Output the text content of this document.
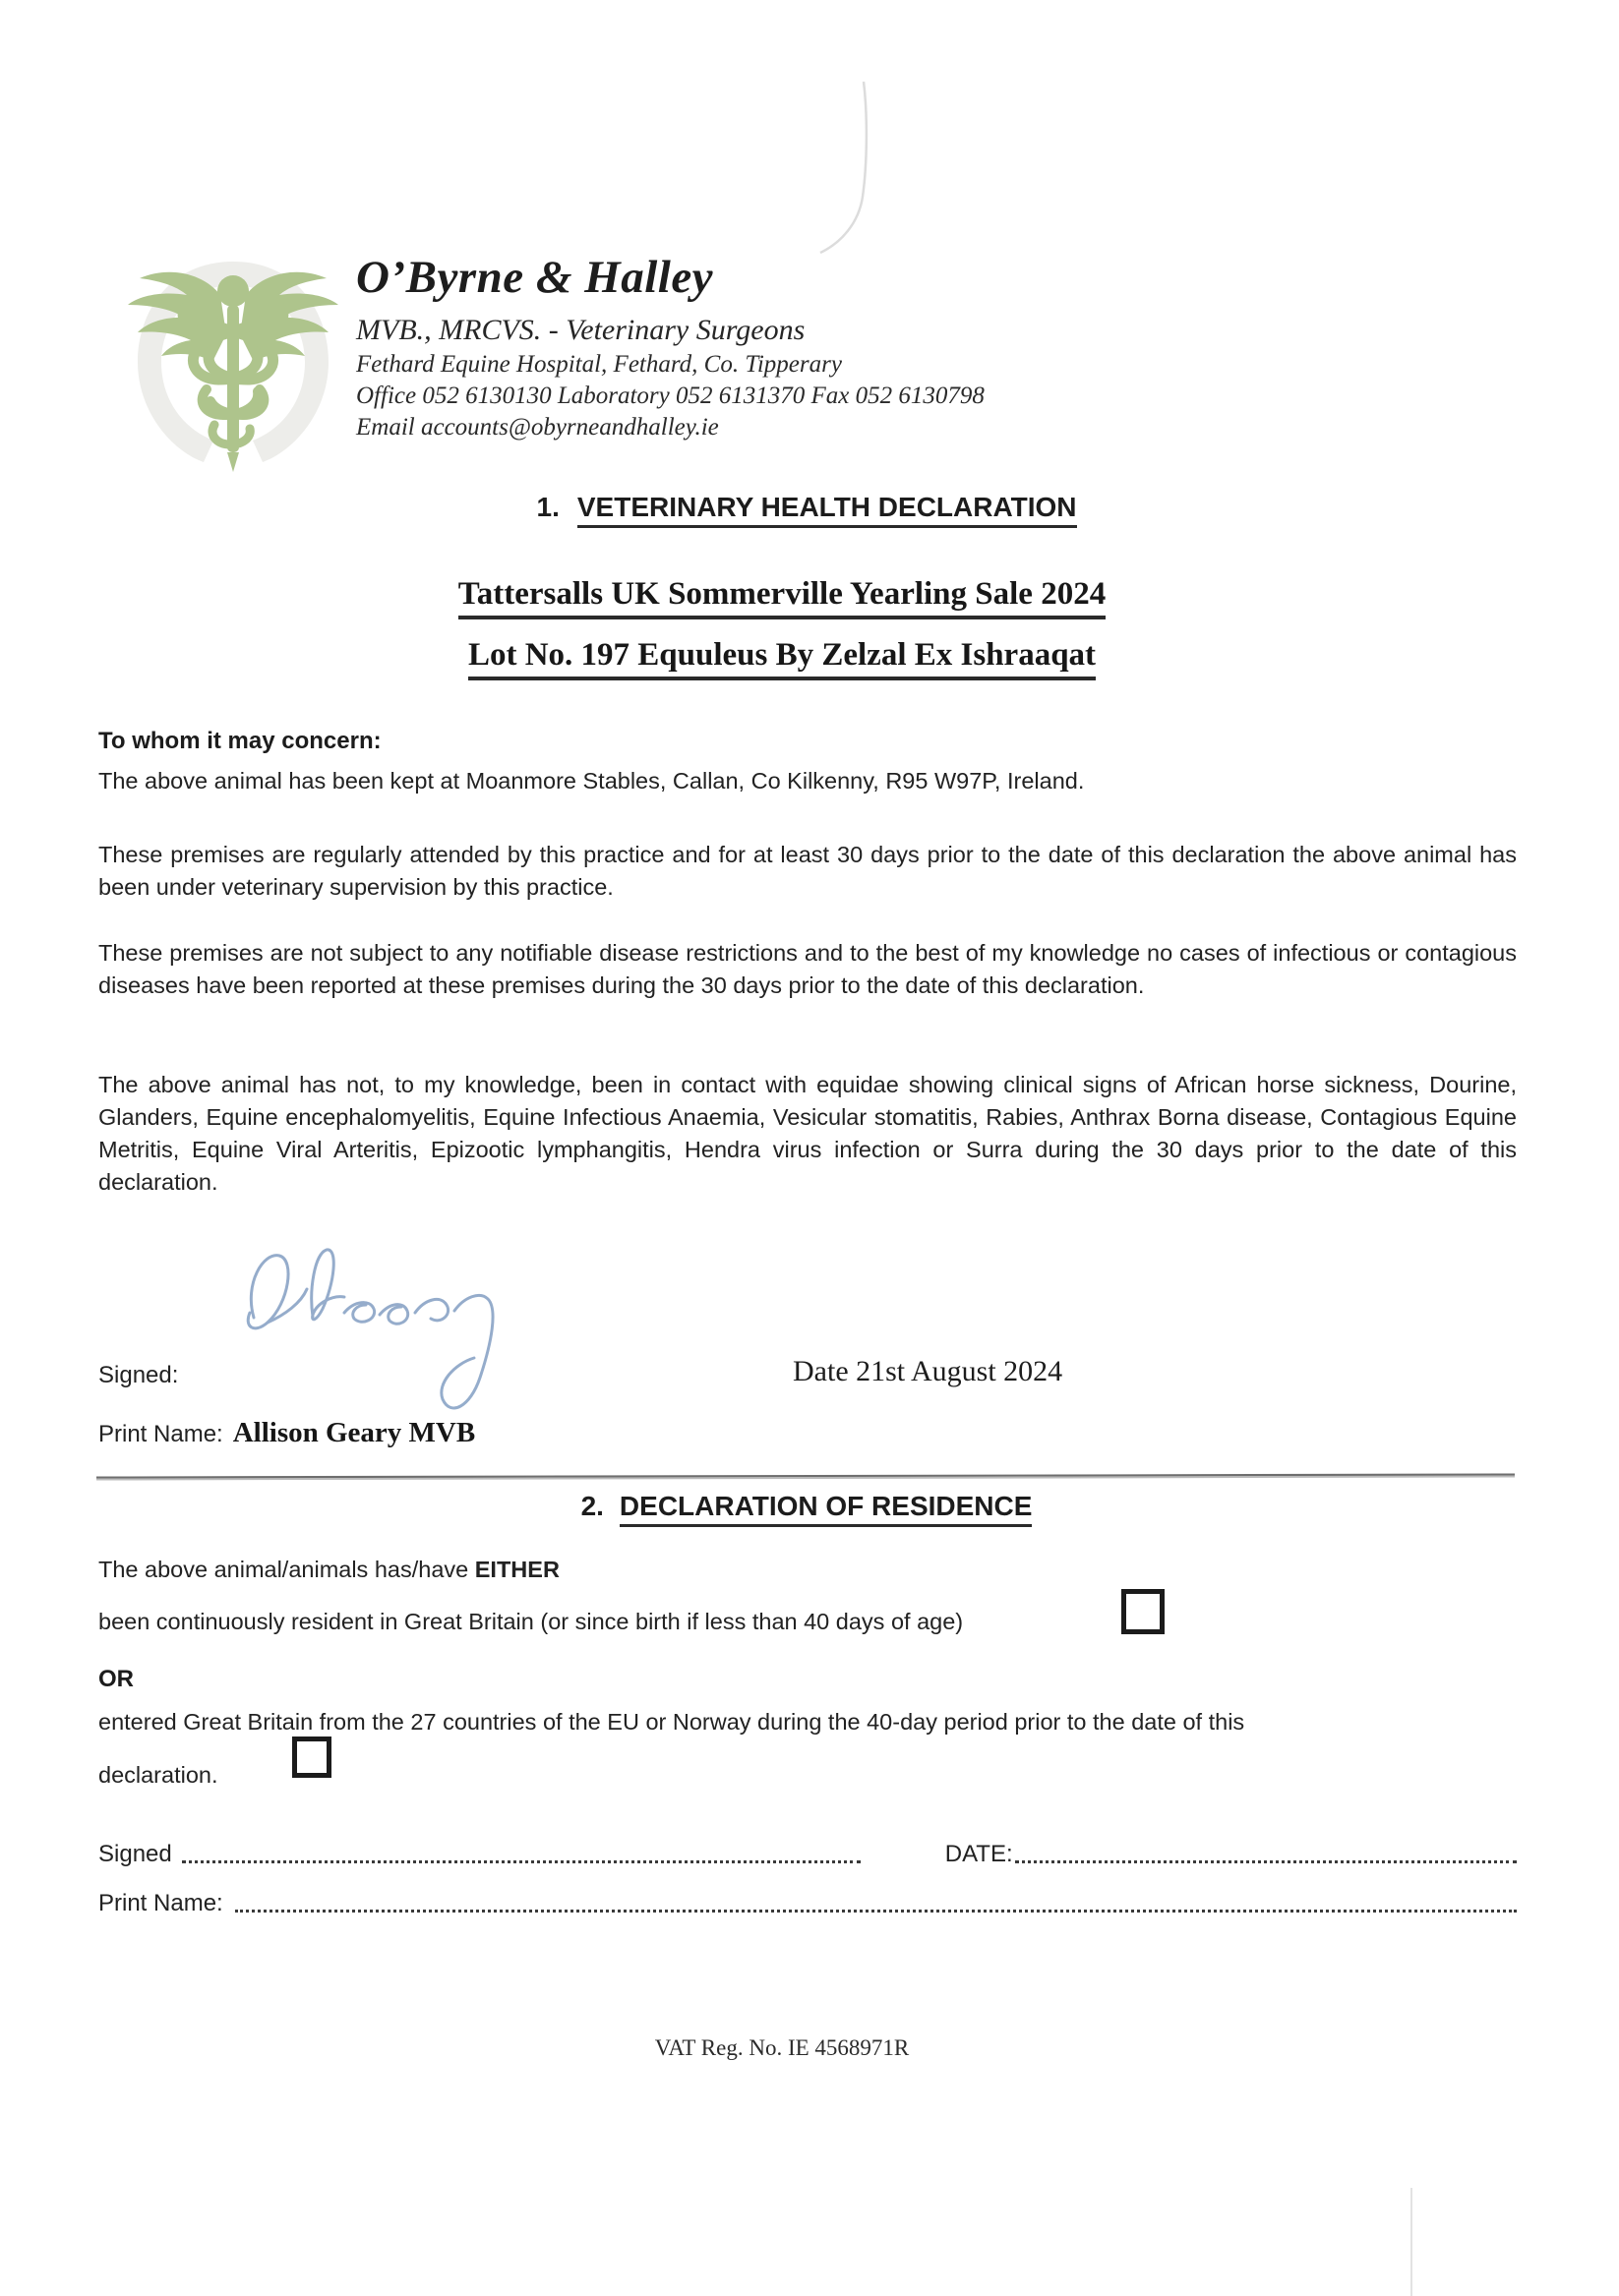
O’Byrne & Halley
MVB., MRCVS. - Veterinary Surgeons
Fethard Equine Hospital, Fethard, Co. Tipperary
Office 052 6130130 Laboratory 052 6131370 Fax 052 6130798
Email accounts@obyrneandhalley.ie
1. VETERINARY HEALTH DECLARATION
Tattersalls UK Sommerville Yearling Sale 2024
Lot No. 197 Equuleus By Zelzal Ex Ishraaqat
To whom it may concern:
The above animal has been kept at Moanmore Stables, Callan, Co Kilkenny, R95 W97P, Ireland.
These premises are regularly attended by this practice and for at least 30 days prior to the date of this declaration the above animal has been under veterinary supervision by this practice.
These premises are not subject to any notifiable disease restrictions and to the best of my knowledge no cases of infectious or contagious diseases have been reported at these premises during the 30 days prior to the date of this declaration.
The above animal has not, to my knowledge, been in contact with equidae showing clinical signs of African horse sickness, Dourine, Glanders, Equine encephalomyelitis, Equine Infectious Anaemia, Vesicular stomatitis, Rabies, Anthrax Borna disease, Contagious Equine Metritis, Equine Viral Arteritis, Epizootic lymphangitis, Hendra virus infection or Surra during the 30 days prior to the date of this declaration.
Signed:	Date 21st August 2024
Print Name: Allison Geary MVB
2. DECLARATION OF RESIDENCE
The above animal/animals has/have EITHER
been continuously resident in Great Britain (or since birth if less than 40 days of age)
OR
entered Great Britain from the 27 countries of the EU or Norway during the 40-day period prior to the date of this
declaration.
Signed	DATE:
Print Name:
VAT Reg. No. IE 4568971R
